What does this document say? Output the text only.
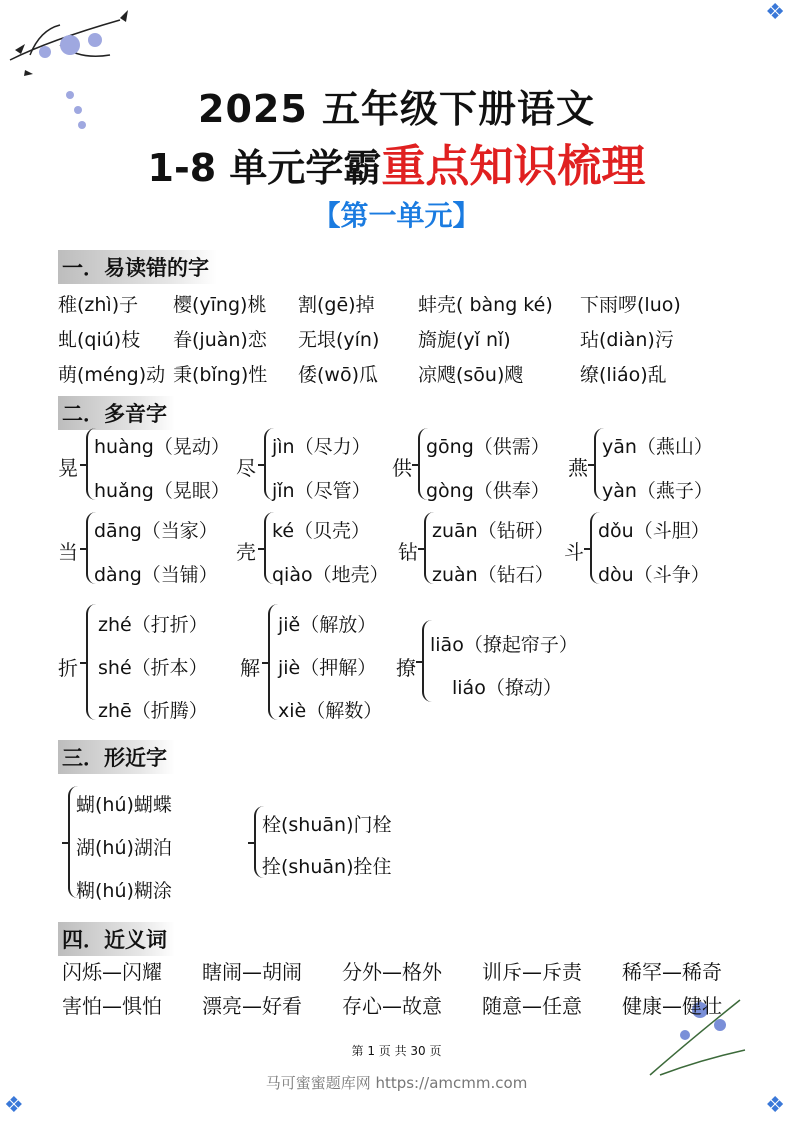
❖
❖	❖
2025 五年级下册语文
1-8 单元学霸重点知识梳理
【第一单元】
一．易读错的字
稚(zhì)子 樱(yīng)桃 割(gē)掉 蚌壳( bàng ké) 下雨啰(luo)
虬(qiú)枝 眷(juàn)恋 无垠(yín) 旖旎(yǐ nǐ)	玷(diàn)污
萌(méng)动 秉(bǐng)性 倭(wō)瓜 凉飕(sōu)飕	缭(liáo)乱
二．多音字
晃
huàng（晃动）
huǎng（晃眼）
尽
jìn（尽力）
jǐn（尽管）
供
gōng（供需）
gòng（供奉）
燕
yān（燕山）
yàn（燕子）
当
dāng（当家）
dàng（当铺）
壳
ké（贝壳）
qiào（地壳）
钻
zuān（钻研）
zuàn（钻石）
斗
dǒu（斗胆）
dòu（斗争）
折
zhé（打折）
shé（折本）
zhē（折腾）
解
jiě（解放）
jiè（押解）
xiè（解数）
撩
liāo（撩起帘子）
liáo（撩动）
三．形近字
蝴(hú)蝴蝶
湖(hú)湖泊
糊(hú)糊涂
栓(shuān)门栓
拴(shuān)拴住
四．近义词
闪烁—闪耀 瞎闹—胡闹 分外—格外 训斥—斥责 稀罕—稀奇
害怕—惧怕 漂亮—好看 存心—故意 随意—任意 健康—健壮
第 1 页 共 30 页
马可蜜蜜题库网 https://amcmm.com
